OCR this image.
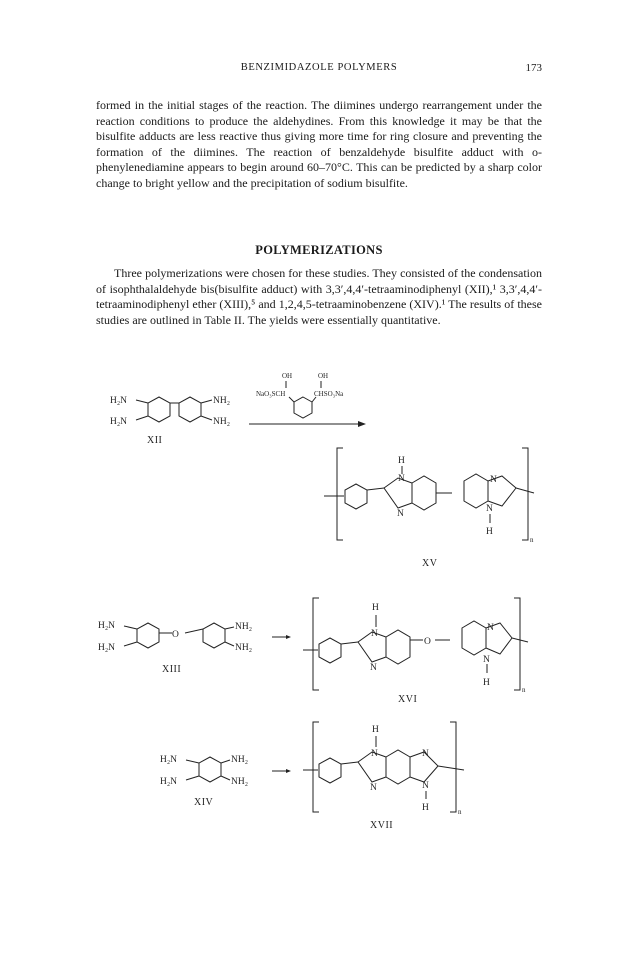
BENZIMIDAZOLE POLYMERS	173

formed in the initial stages of the reaction. The diimines undergo rearrangement under the reaction conditions to produce the aldehydines. From this knowledge it may be that the bisulfite adducts are less reactive thus giving more time for ring closure and preventing the formation of the diimines. The reaction of benzaldehyde bisulfite adduct with o-phenylenediamine appears to begin around 60–70°C. This can be predicted by a sharp color change to bright yellow and the precipitation of sodium bisulfite.

POLYMERIZATIONS

Three polymerizations were chosen for these studies. They consisted of the condensation of isophthalaldehyde bis(bisulfite adduct) with 3,3′,4,4′-tetraaminodiphenyl (XII),¹ 3,3′,4,4′-tetraaminodiphenyl ether (XIII),⁵ and 1,2,4,5-tetraaminobenzene (XIV).¹ The results of these studies are outlined in Table II. The yields were essentially quantitative.

H₂N
H₂N
NH₂
NH₂
XII
OH	OH
NaO₃SCH	CHSO₃Na
n
N
N
H
N
N
H
XV
O
H₂N
H₂N
NH₂
NH₂
XIII
n
O
N
N
H
N
N
H
XVI
H₂N
H₂N
NH₂
NH₂
XIV
n
N
N
H
N
N
H
XVII
